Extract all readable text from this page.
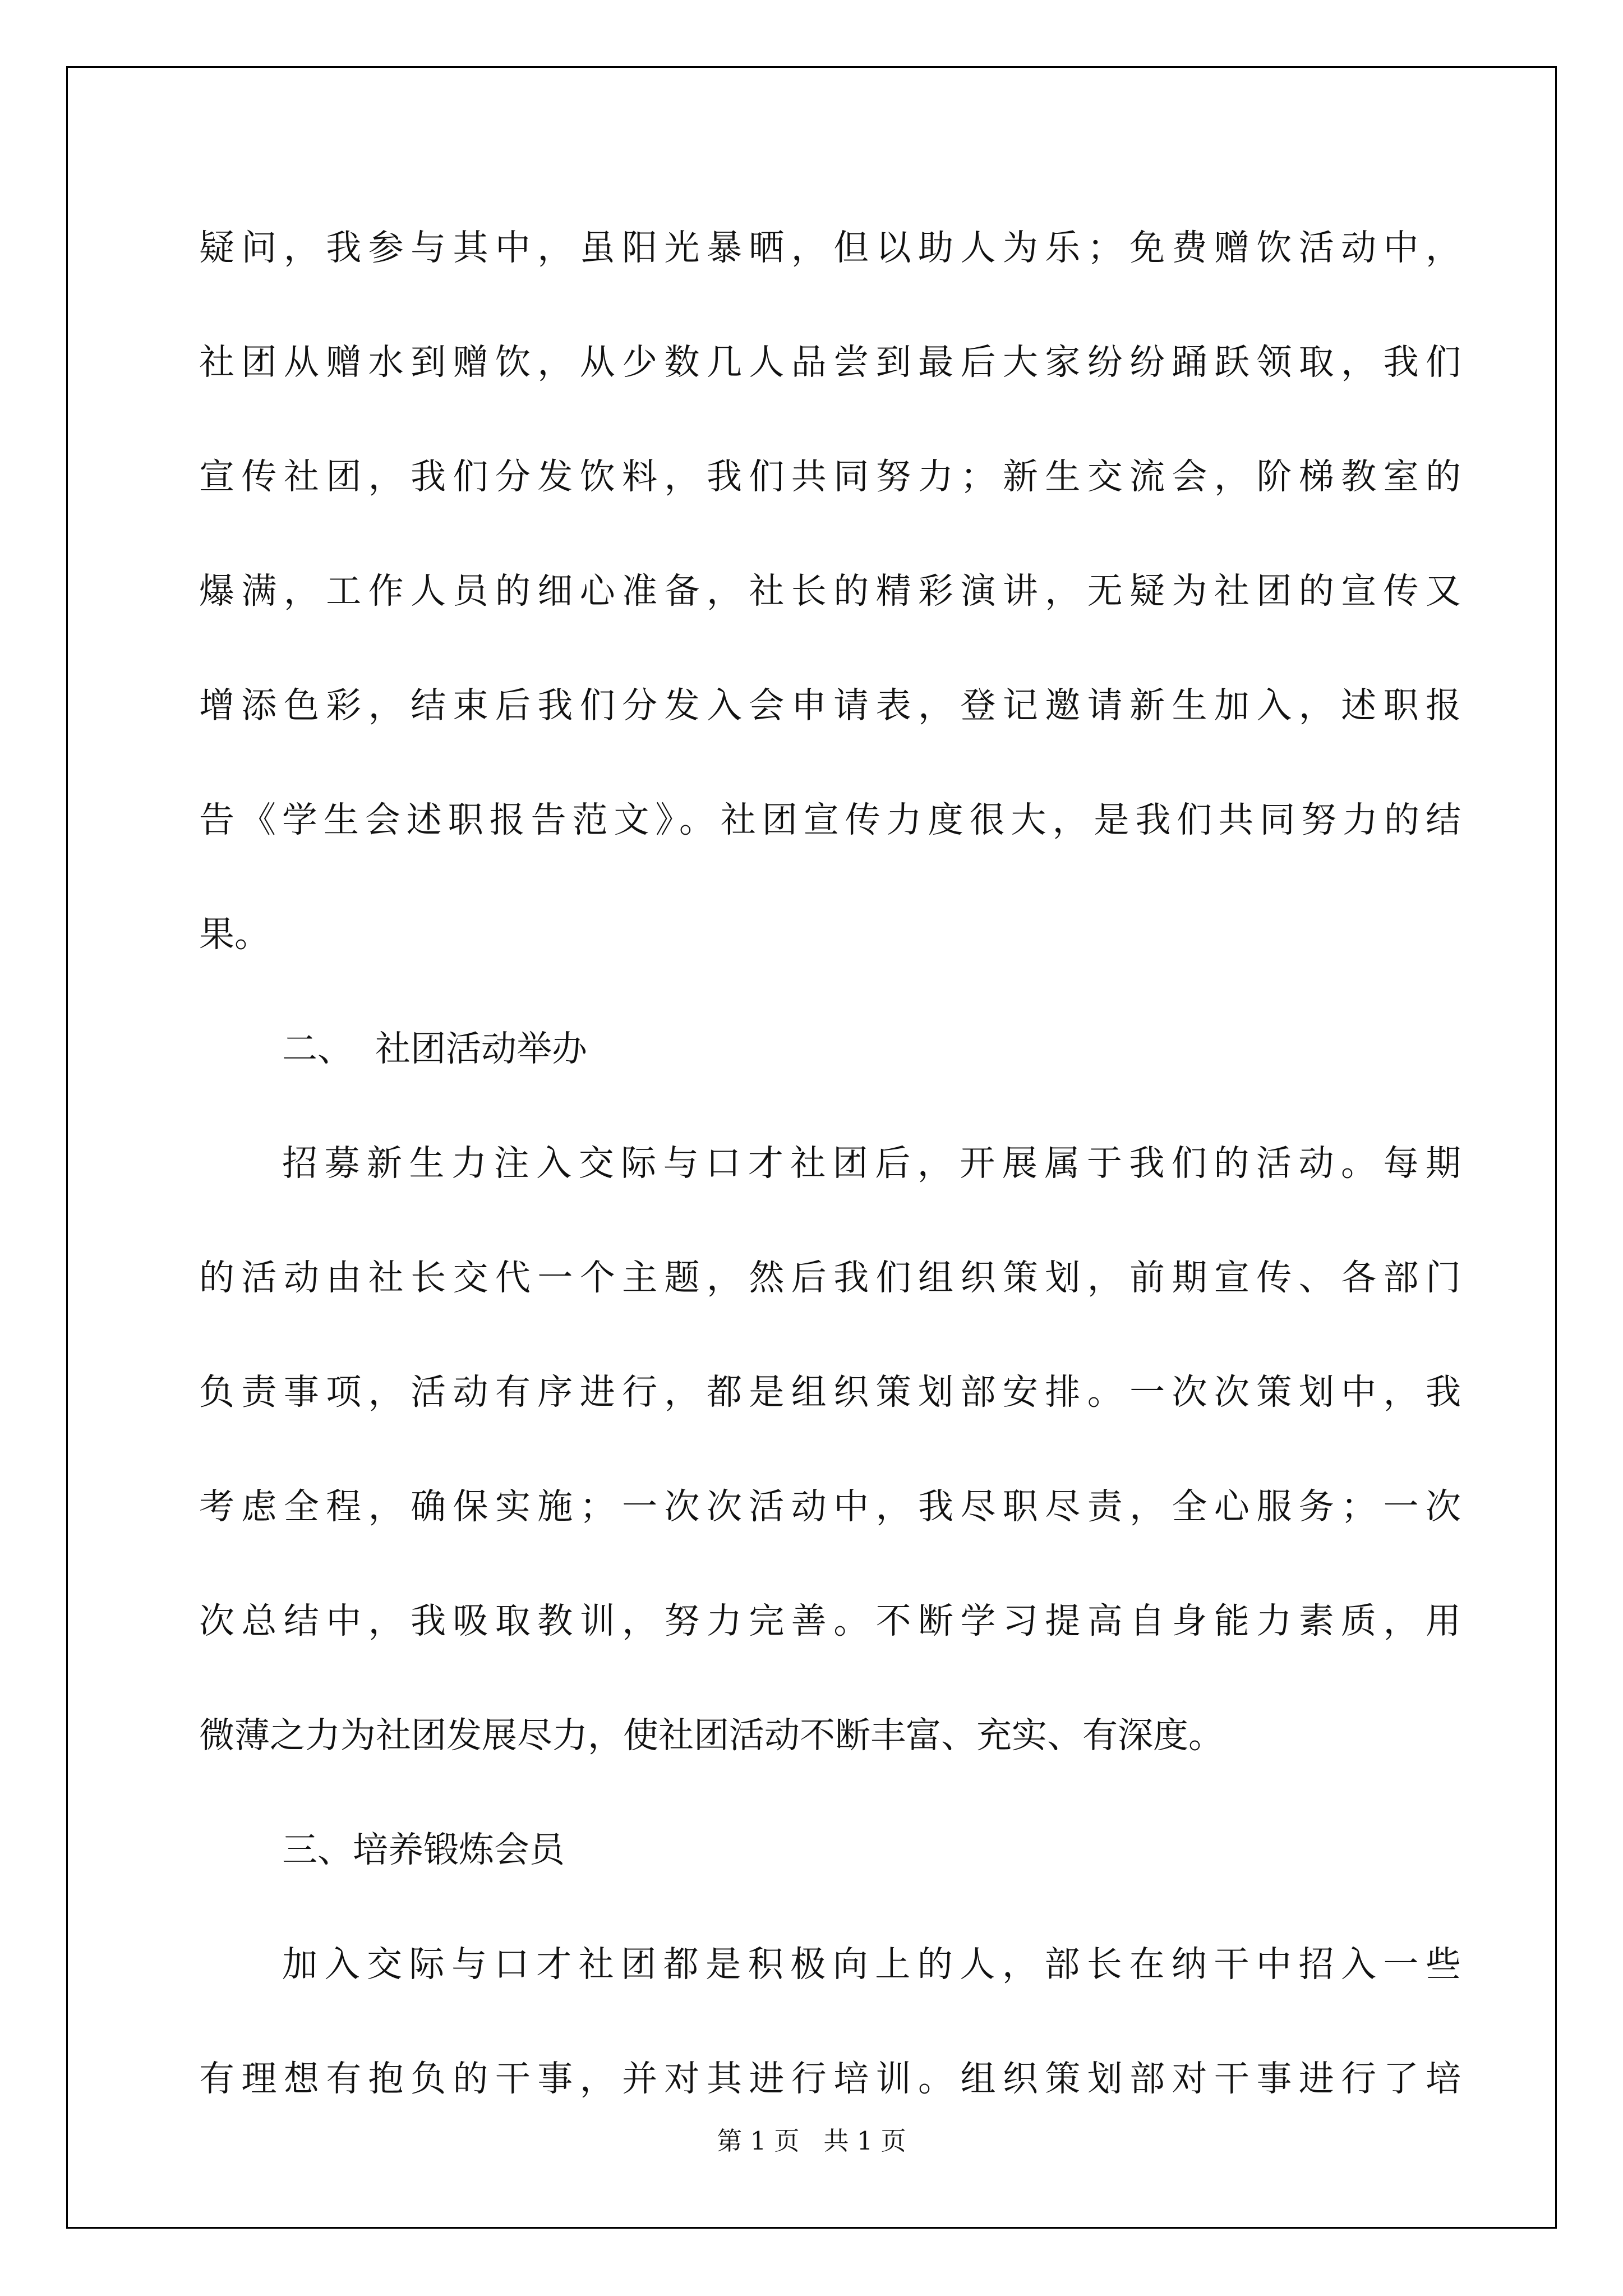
疑问，我参与其中，虽阳光暴晒，但以助人为乐；免费赠饮活动中，
社团从赠水到赠饮，从少数几人品尝到最后大家纷纷踊跃领取，我们
宣传社团，我们分发饮料，我们共同努力；新生交流会，阶梯教室的
爆满，工作人员的细心准备，社长的精彩演讲，无疑为社团的宣传又
增添色彩，结束后我们分发入会申请表，登记邀请新生加入，述职报
告《学生会述职报告范文》。社团宣传力度很大，是我们共同努力的结
果。
二、  社团活动举办
招募新生力注入交际与口才社团后，开展属于我们的活动。每期
的活动由社长交代一个主题，然后我们组织策划，前期宣传、各部门
负责事项，活动有序进行，都是组织策划部安排。一次次策划中，我
考虑全程，确保实施；一次次活动中，我尽职尽责，全心服务；一次
次总结中，我吸取教训，努力完善。不断学习提高自身能力素质，用
微薄之力为社团发展尽力，使社团活动不断丰富、充实、有深度。
三、培养锻炼会员
加入交际与口才社团都是积极向上的人，部长在纳干中招入一些
有理想有抱负的干事，并对其进行培训。组织策划部对干事进行了培
第 1 页   共 1 页
